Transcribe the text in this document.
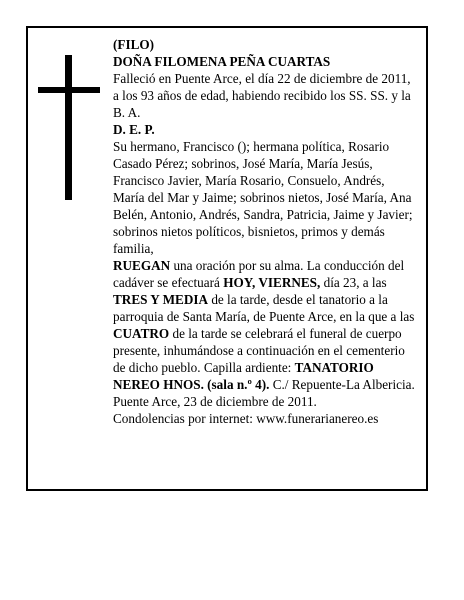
(FILO)

DOÑA FILOMENA PEÑA CUARTAS

Falleció en Puente Arce, el día 22 de diciembre de 2011, a los 93 años de edad, habiendo recibido los SS. SS. y la B. A.

D. E. P.

Su hermano, Francisco (); hermana política, Rosario Casado Pérez; sobrinos, José María, María Jesús, Francisco Javier, María Rosario, Consuelo, Andrés, María del Mar y Jaime; sobrinos nietos, José María, Ana Belén, Antonio, Andrés, Sandra, Patricia, Jaime y Javier; sobrinos nietos políticos, bisnietos, primos y demás familia,

RUEGAN una oración por su alma. La conducción del cadáver se efectuará HOY, VIERNES, día 23, a las TRES Y MEDIA de la tarde, desde el tanatorio a la parroquia de Santa María, de Puente Arce, en la que a las CUATRO de la tarde se celebrará el funeral de cuerpo presente, inhumándose a continuación en el cementerio de dicho pueblo. Capilla ardiente: TANATORIO NEREO HNOS. (sala n.º 4). C./ Repuente-La Albericia.

Puente Arce, 23 de diciembre de 2011.

Condolencias por internet: www.funerarianereo.es
